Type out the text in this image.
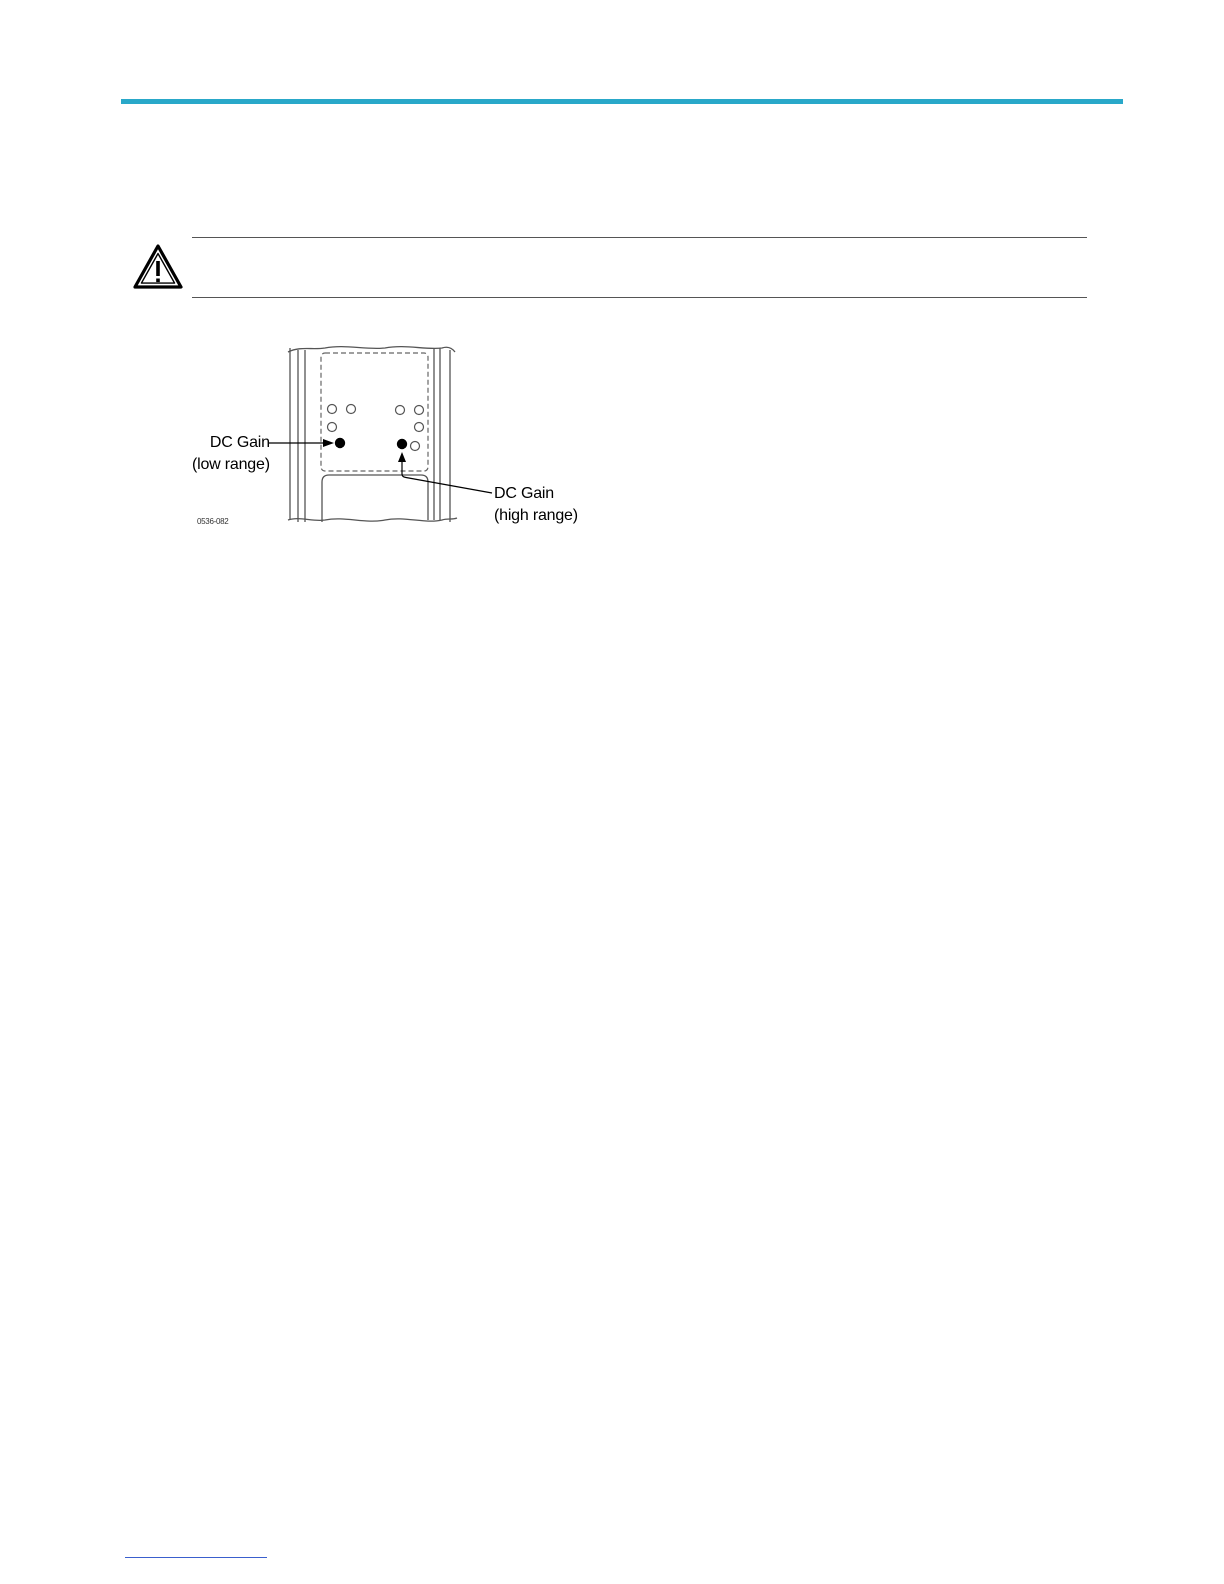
DC Gain
(low range)
DC Gain
(high range)
0536-082
